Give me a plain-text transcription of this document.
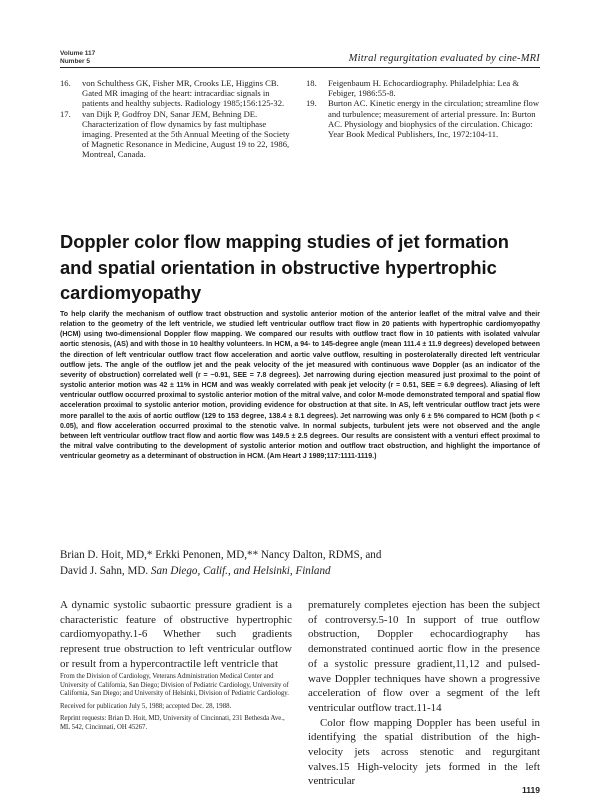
Volume 117
Number 5	Mitral regurgitation evaluated by cine-MRI
16. von Schulthess GK, Fisher MR, Crooks LE, Higgins CB. Gated MR imaging of the heart: intracardiac signals in patients and healthy subjects. Radiology 1985;156:125-32.
17. van Dijk P, Godfroy DN, Sanar JEM, Behning DE. Characterization of flow dynamics by fast multiphase imaging. Presented at the 5th Annual Meeting of the Society of Magnetic Resonance in Medicine, August 19 to 22, 1986, Montreal, Canada.
18. Feigenbaum H. Echocardiography. Philadelphia: Lea & Febiger, 1986:55-8.
19. Burton AC. Kinetic energy in the circulation; streamline flow and turbulence; measurement of arterial pressure. In: Burton AC. Physiology and biophysics of the circulation. Chicago: Year Book Medical Publishers, Inc, 1972:104-11.
Doppler color flow mapping studies of jet formation and spatial orientation in obstructive hypertrophic cardiomyopathy
To help clarify the mechanism of outflow tract obstruction and systolic anterior motion of the anterior leaflet of the mitral valve and their relation to the geometry of the left ventricle, we studied left ventricular outflow tract flow in 20 patients with hypertrophic cardiomyopathy (HCM) using two-dimensional Doppler flow mapping. We compared our results with outflow tract flow in 10 patients with isolated valvular aortic stenosis, (AS) and with those in 10 healthy volunteers. In HCM, a 94- to 145-degree angle (mean 111.4 ± 11.9 degrees) developed between the direction of left ventricular outflow tract flow acceleration and aortic valve outflow, resulting in posterolaterally directed left ventricular outflow jets. The angle of the outflow jet and the peak velocity of the jet measured with continuous wave Doppler (as an indicator of the severity of obstruction) correlated well (r = −0.91, SEE = 7.8 degrees). Jet narrowing during ejection measured just proximal to the point of systolic anterior motion was 42 ± 11% in HCM and was weakly correlated with peak jet velocity (r = 0.51, SEE = 6.9 degrees). Aliasing of left ventricular outflow occurred proximal to systolic anterior motion of the mitral valve, and color M-mode demonstrated temporal and spatial flow acceleration proximal to systolic anterior motion, providing evidence for obstruction at that site. In AS, left ventricular outflow tract jets were more parallel to the axis of aortic outflow (129 to 153 degree, 138.4 ± 8.1 degrees). Jet narrowing was only 6 ± 5% compared to HCM (both p < 0.05), and flow acceleration occurred proximal to the stenotic valve. In normal subjects, turbulent jets were not observed and the angle between left ventricular outflow tract flow and aortic flow was 149.5 ± 2.5 degrees. Our results are consistent with a venturi effect proximal to the mitral valve contributing to the development of systolic anterior motion and outflow tract obstruction, and highlight the importance of ventricular geometry as a determinant of obstruction in HCM. (Am Heart J 1989;117:1111-1119.)
Brian D. Hoit, MD,* Erkki Penonen, MD,** Nancy Dalton, RDMS, and
David J. Sahn, MD. San Diego, Calif., and Helsinki, Finland

A dynamic systolic subaortic pressure gradient is a characteristic feature of obstructive hypertrophic cardiomyopathy.1-6 Whether such gradients represent true obstruction to left ventricular outflow or result from a hypercontractile left ventricle that

From the Division of Cardiology, Veterans Administration Medical Center and University of California, San Diego; Division of Pediatric Cardiology, University of California, San Diego; and University of Helsinki, Division of Pediatric Cardiology.

Received for publication July 5, 1988; accepted Dec. 28, 1988.

Reprint requests: Brian D. Hoit, MD, University of Cincinnati, 231 Bethesda Ave., ML 542, Cincinnati, OH 45267.

prematurely completes ejection has been the subject of controversy.5-10 In support of true outflow obstruction, Doppler echocardiography has demonstrated continued aortic flow in the presence of a systolic pressure gradient,11,12 and pulsed-wave Doppler techniques have shown a progressive acceleration of flow over a segment of the left ventricular outflow tract.11-14

Color flow mapping Doppler has been useful in identifying the spatial distribution of the high-velocity jets across stenotic and regurgitant valves.15 High-velocity jets formed in the left ventricular

1119
